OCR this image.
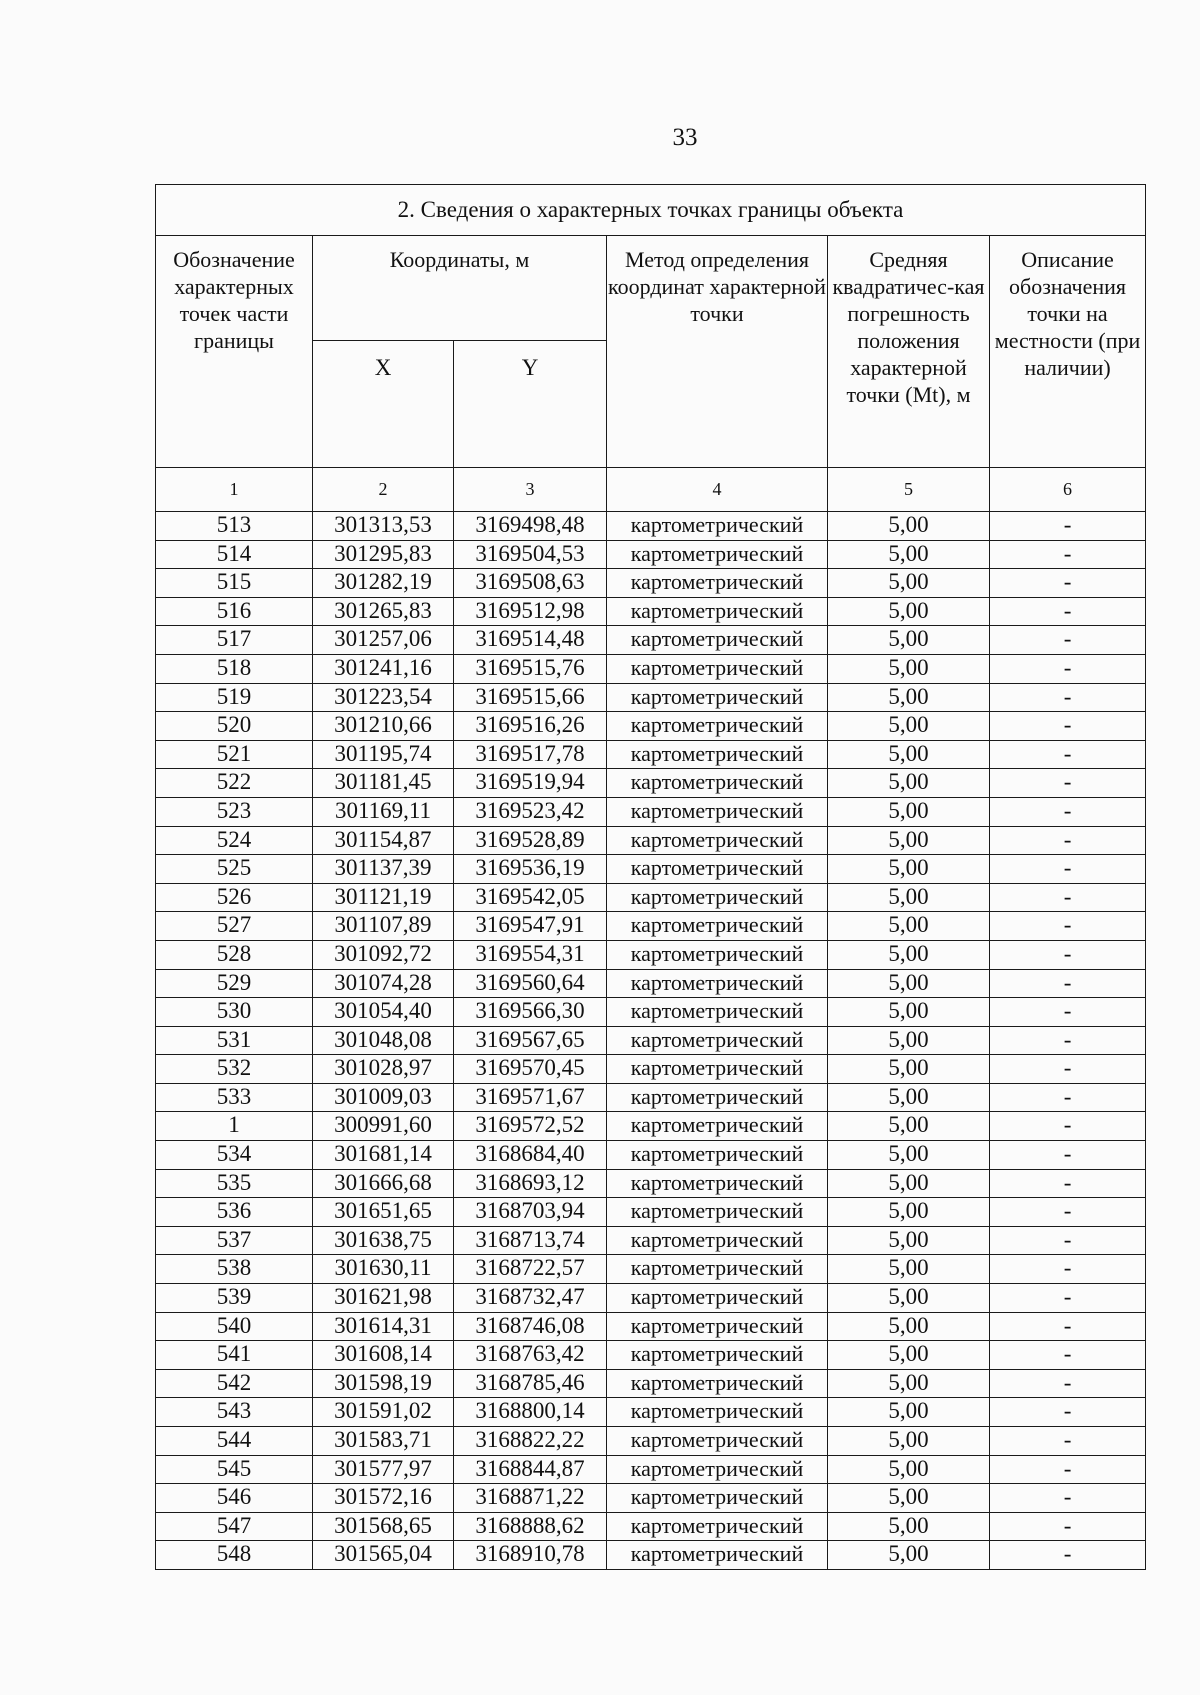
33
2. Сведения о характерных точках границы объекта					
Обозначение характерных точек части границы	Координаты, м		Метод определения координат характерной точки	Средняя квадратичес-кая погрешность положения характерной точки (Mt), м	Описание обозначения точки на местности (при наличии)
	X	Y			
1	2	3	4	5	6
513	301313,53	3169498,48	картометрический	5,00	-
514	301295,83	3169504,53	картометрический	5,00	-
515	301282,19	3169508,63	картометрический	5,00	-
516	301265,83	3169512,98	картометрический	5,00	-
517	301257,06	3169514,48	картометрический	5,00	-
518	301241,16	3169515,76	картометрический	5,00	-
519	301223,54	3169515,66	картометрический	5,00	-
520	301210,66	3169516,26	картометрический	5,00	-
521	301195,74	3169517,78	картометрический	5,00	-
522	301181,45	3169519,94	картометрический	5,00	-
523	301169,11	3169523,42	картометрический	5,00	-
524	301154,87	3169528,89	картометрический	5,00	-
525	301137,39	3169536,19	картометрический	5,00	-
526	301121,19	3169542,05	картометрический	5,00	-
527	301107,89	3169547,91	картометрический	5,00	-
528	301092,72	3169554,31	картометрический	5,00	-
529	301074,28	3169560,64	картометрический	5,00	-
530	301054,40	3169566,30	картометрический	5,00	-
531	301048,08	3169567,65	картометрический	5,00	-
532	301028,97	3169570,45	картометрический	5,00	-
533	301009,03	3169571,67	картометрический	5,00	-
1	300991,60	3169572,52	картометрический	5,00	-
534	301681,14	3168684,40	картометрический	5,00	-
535	301666,68	3168693,12	картометрический	5,00	-
536	301651,65	3168703,94	картометрический	5,00	-
537	301638,75	3168713,74	картометрический	5,00	-
538	301630,11	3168722,57	картометрический	5,00	-
539	301621,98	3168732,47	картометрический	5,00	-
540	301614,31	3168746,08	картометрический	5,00	-
541	301608,14	3168763,42	картометрический	5,00	-
542	301598,19	3168785,46	картометрический	5,00	-
543	301591,02	3168800,14	картометрический	5,00	-
544	301583,71	3168822,22	картометрический	5,00	-
545	301577,97	3168844,87	картометрический	5,00	-
546	301572,16	3168871,22	картометрический	5,00	-
547	301568,65	3168888,62	картометрический	5,00	-
548	301565,04	3168910,78	картометрический	5,00	-
